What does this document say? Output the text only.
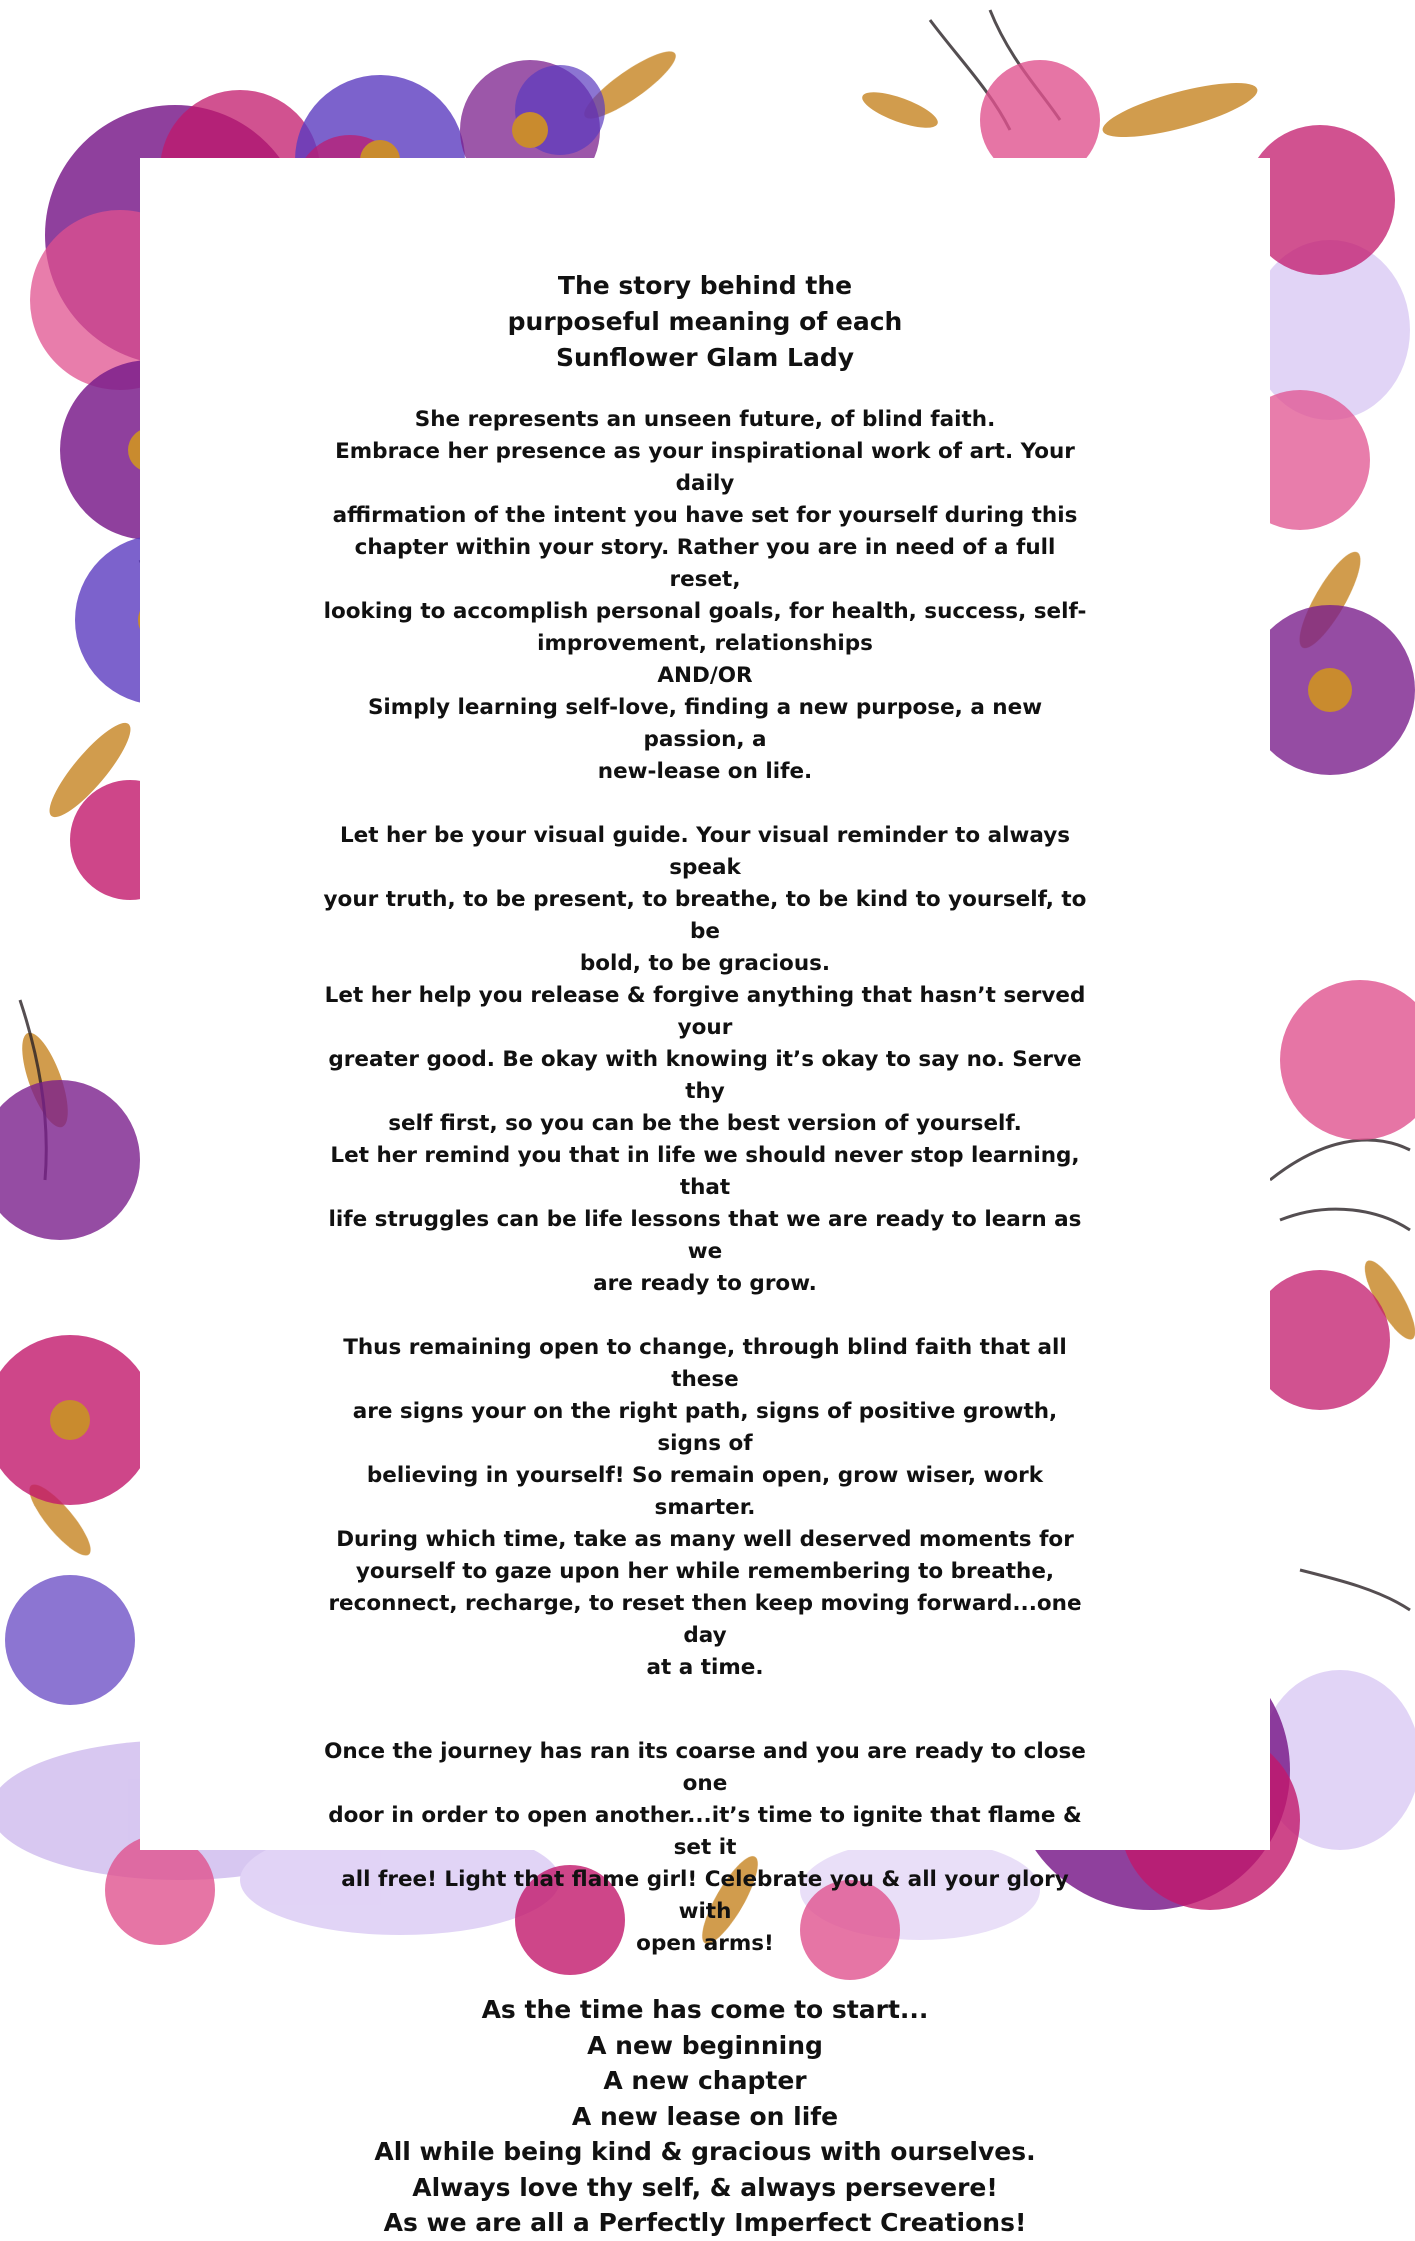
The story behind the
purposeful meaning of each
Sunflower Glam Lady
She represents an unseen future, of blind faith.
Embrace her presence as your inspirational work of art. Your daily
affirmation of the intent you have set for yourself during this
chapter within your story. Rather you are in need of a full reset,
looking to accomplish personal goals, for health, success, self-
improvement, relationships
AND/OR
Simply learning self-love, finding a new purpose, a new passion, a
new-lease on life.
Let her be your visual guide. Your visual reminder to always speak
your truth, to be present, to breathe, to be kind to yourself, to be
bold, to be gracious.
Let her help you release & forgive anything that hasn’t served your
greater good. Be okay with knowing it’s okay to say no. Serve thy
self first, so you can be the best version of yourself.
Let her remind you that in life we should never stop learning, that
life struggles can be life lessons that we are ready to learn as we
are ready to grow.
Thus remaining open to change, through blind faith that all these
are signs your on the right path, signs of positive growth, signs of
believing in yourself! So remain open, grow wiser, work smarter.
During which time, take as many well deserved moments for
yourself to gaze upon her while remembering to breathe,
reconnect, recharge, to reset then keep moving forward...one day
at a time.
Once the journey has ran its coarse and you are ready to close one
door in order to open another...it’s time to ignite that flame & set it
all free! Light that flame girl! Celebrate you & all your glory with
open arms!
As the time has come to start...
A new beginning
A new chapter
A new lease on life
All while being kind & gracious with ourselves.
Always love thy self, & always persevere!
As we are all a Perfectly Imperfect Creations!
